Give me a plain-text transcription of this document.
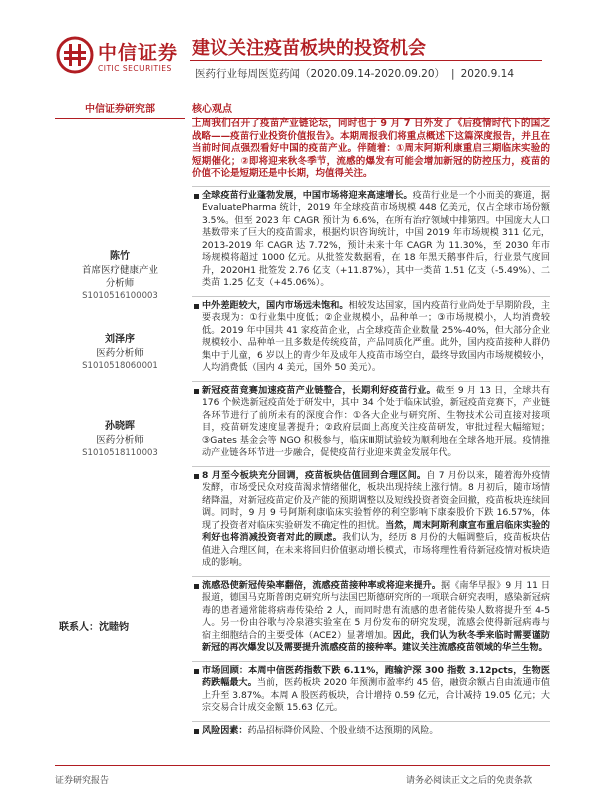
中信证券
CITIC SECURITIES
建议关注疫苗板块的投资机会
医药行业每周医览药闻（2020.09.14-2020.09.20） | 2020.9.14
中信证券研究部
陈竹
首席医疗健康产业
分析师
S1010516100003
刘泽序
医药分析师
S1010518060001
孙晓晖
医药分析师
S1010518110003
联系人：沈睦钧
核心观点
上周我们召开了疫苗产业链论坛，同时也于 9 月 7 日外发了《后疫情时代下的国之战略——疫苗行业投资价值报告》。本期周报我们将重点概述下这篇深度报告，并且在当前时间点强烈看好中国的疫苗产业。伴随着：①周末阿斯利康重启三期临床实验的短期催化；②即将迎来秋冬季节，流感的爆发有可能会增加新冠的防控压力，疫苗的价值不论是短期还是中长期，均值得关注。

全球疫苗行业蓬勃发展，中国市场将迎来高速增长。疫苗行业是一个小而美的赛道，据 EvaluatePharma 统计，2019 年全球疫苗市场规模 448 亿美元，仅占全球市场份额 3.5%。但至 2023 年 CAGR 预计为 6.6%，在所有治疗领域中排第四。中国庞大人口基数带来了巨大的疫苗需求，根据灼识咨询统计，中国 2019 年市场规模 311 亿元，2013-2019 年 CAGR 达 7.72%，预计未来十年 CAGR 为 11.30%，至 2030 年市场规模将超过 1000 亿元。从批签发数据看，在 18 年黑天鹅事件后，行业景气度回升，2020H1 批签发 2.76 亿支（+11.87%），其中一类苗 1.51 亿支（-5.49%）、二类苗 1.25 亿支（+45.06%）。

中外差距较大，国内市场远未饱和。相较发达国家，国内疫苗行业尚处于早期阶段，主要表现为：①行业集中度低；②企业规模小，品种单一；③市场规模小，人均消费较低。2019 年中国共 41 家疫苗企业，占全球疫苗企业数量 25%-40%，但大部分企业规模较小、品种单一且多数是传统疫苗，产品同质化严重。此外，国内疫苗接种人群仍集中于儿童，6 岁以上的青少年及成年人疫苗市场空白，最终导致国内市场规模较小，人均消费低（国内 4 美元，国外 50 美元）。

新冠疫苗竞赛加速疫苗产业链整合，长期利好疫苗行业。截至 9 月 13 日，全球共有 176 个候选新冠疫苗处于研发中，其中 34 个处于临床试验，新冠疫苗竞赛下，产业链各环节进行了前所未有的深度合作：①各大企业与研究所、生物技术公司直接对接项目，疫苗研发速度显著提升；②政府层面上高度关注疫苗研发，审批过程大幅缩短；③Gates 基金会等 NGO 积极参与，临床Ⅲ期试验较为顺利地在全球各地开展。疫情推动产业链各环节进一步融合，促使疫苗行业迎来黄金发展年代。

8 月至今板块充分回调，疫苗板块估值回到合理区间。自 7 月份以来，随着海外疫情发酵，市场受民众对疫苗渴求情绪催化，板块出现持续上涨行情。8 月初后，随市场情绪降温，对新冠疫苗定价及产能的预期调整以及短线投资者资金回撤，疫苗板块连续回调。同时，9 月 9 号阿斯利康临床实验暂停的利空影响下康泰股价下跌 16.57%，体现了投资者对临床实验研发不确定性的担忧。当然，周末阿斯利康宣布重启临床实验的利好也将消减投资者对此的顾虑。我们认为，经历 8 月份的大幅调整后，疫苗板块估值进入合理区间，在未来将回归价值驱动增长模式，市场将理性看待新冠疫情对板块造成的影响。

流感恐使新冠传染率翻倍，流感疫苗接种率或将迎来提升。据《南华早报》9 月 11 日报道，德国马克斯普朗克研究所与法国巴斯德研究所的一项联合研究表明，感染新冠病毒的患者通常能将病毒传染给 2 人，而同时患有流感的患者能传染人数将提升至 4-5 人。另一份由谷歌与冷泉港实验室在 5 月份发布的研究发现，流感会使得新冠病毒与宿主细胞结合的主要受体（ACE2）显著增加。因此，我们认为秋冬季来临时需要谨防新冠的再次爆发以及需要提升流感疫苗的接种率。建议关注流感疫苗领域的华兰生物。

市场回顾：本周中信医药指数下跌 6.11%，跑输沪深 300 指数 3.12pcts，生物医药跌幅最大。当前，医药板块 2020 年预测市盈率约 45 倍，融资余额占自由流通市值上升至 3.87%。本周 A 股医药板块，合计增持 0.59 亿元，合计减持 19.05 亿元；大宗交易合计成交金额 15.63 亿元。

风险因素：药品招标降价风险、个股业绩不达预期的风险。

证券研究报告	请务必阅读正文之后的免责条款
